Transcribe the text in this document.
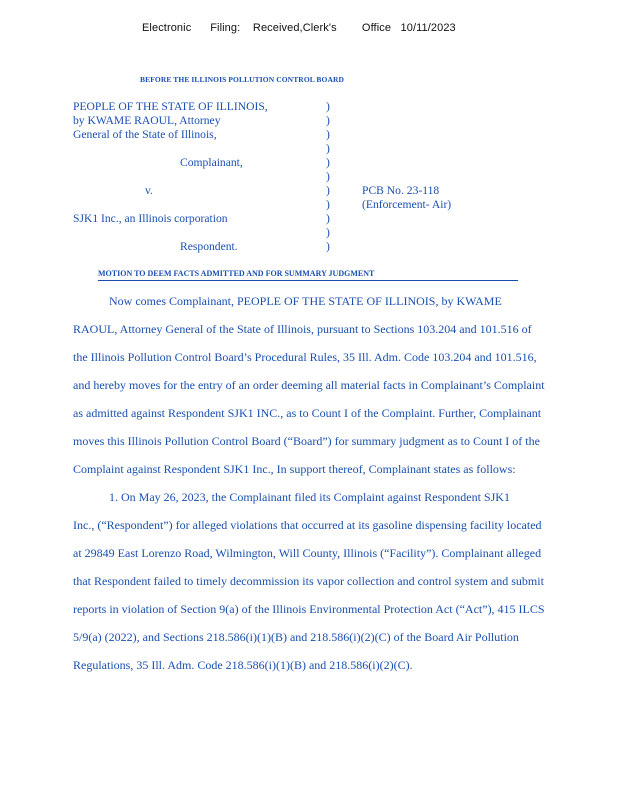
Electronic      Filing:    Received,Clerk's        Office   10/11/2023
BEFORE THE ILLINOIS POLLUTION CONTROL BOARD
PEOPLE OF THE STATE OF ILLINOIS,
by KWAME RAOUL, Attorney
General of the State of Illinois,
Complainant,
v.
SJK1 Inc., an Illinois corporation
Respondent.
)
)
)
)
)
)
)
)
)
)
)
PCB No. 23-118
(Enforcement- Air)
MOTION TO DEEM FACTS ADMITTED AND FOR SUMMARY JUDGMENT
Now comes Complainant, PEOPLE OF THE STATE OF ILLINOIS, by KWAME
RAOUL, Attorney General of the State of Illinois, pursuant to Sections 103.204 and 101.516 of
the Illinois Pollution Control Board’s Procedural Rules, 35 Ill. Adm. Code 103.204 and 101.516,
and hereby moves for the entry of an order deeming all material facts in Complainant’s Complaint
as admitted against Respondent SJK1 INC., as to Count I of the Complaint. Further, Complainant
moves this Illinois Pollution Control Board (“Board”) for summary judgment as to Count I of the
Complaint against Respondent SJK1 Inc., In support thereof, Complainant states as follows:
1. On May 26, 2023, the Complainant filed its Complaint against Respondent SJK1
Inc., (“Respondent”) for alleged violations that occurred at its gasoline dispensing facility located
at 29849 East Lorenzo Road, Wilmington, Will County, Illinois (“Facility”). Complainant alleged
that Respondent failed to timely decommission its vapor collection and control system and submit
reports in violation of Section 9(a) of the Illinois Environmental Protection Act (“Act”), 415 ILCS
5/9(a) (2022), and Sections 218.586(i)(1)(B) and 218.586(i)(2)(C) of the Board Air Pollution
Regulations, 35 Ill. Adm. Code 218.586(i)(1)(B) and 218.586(i)(2)(C).
